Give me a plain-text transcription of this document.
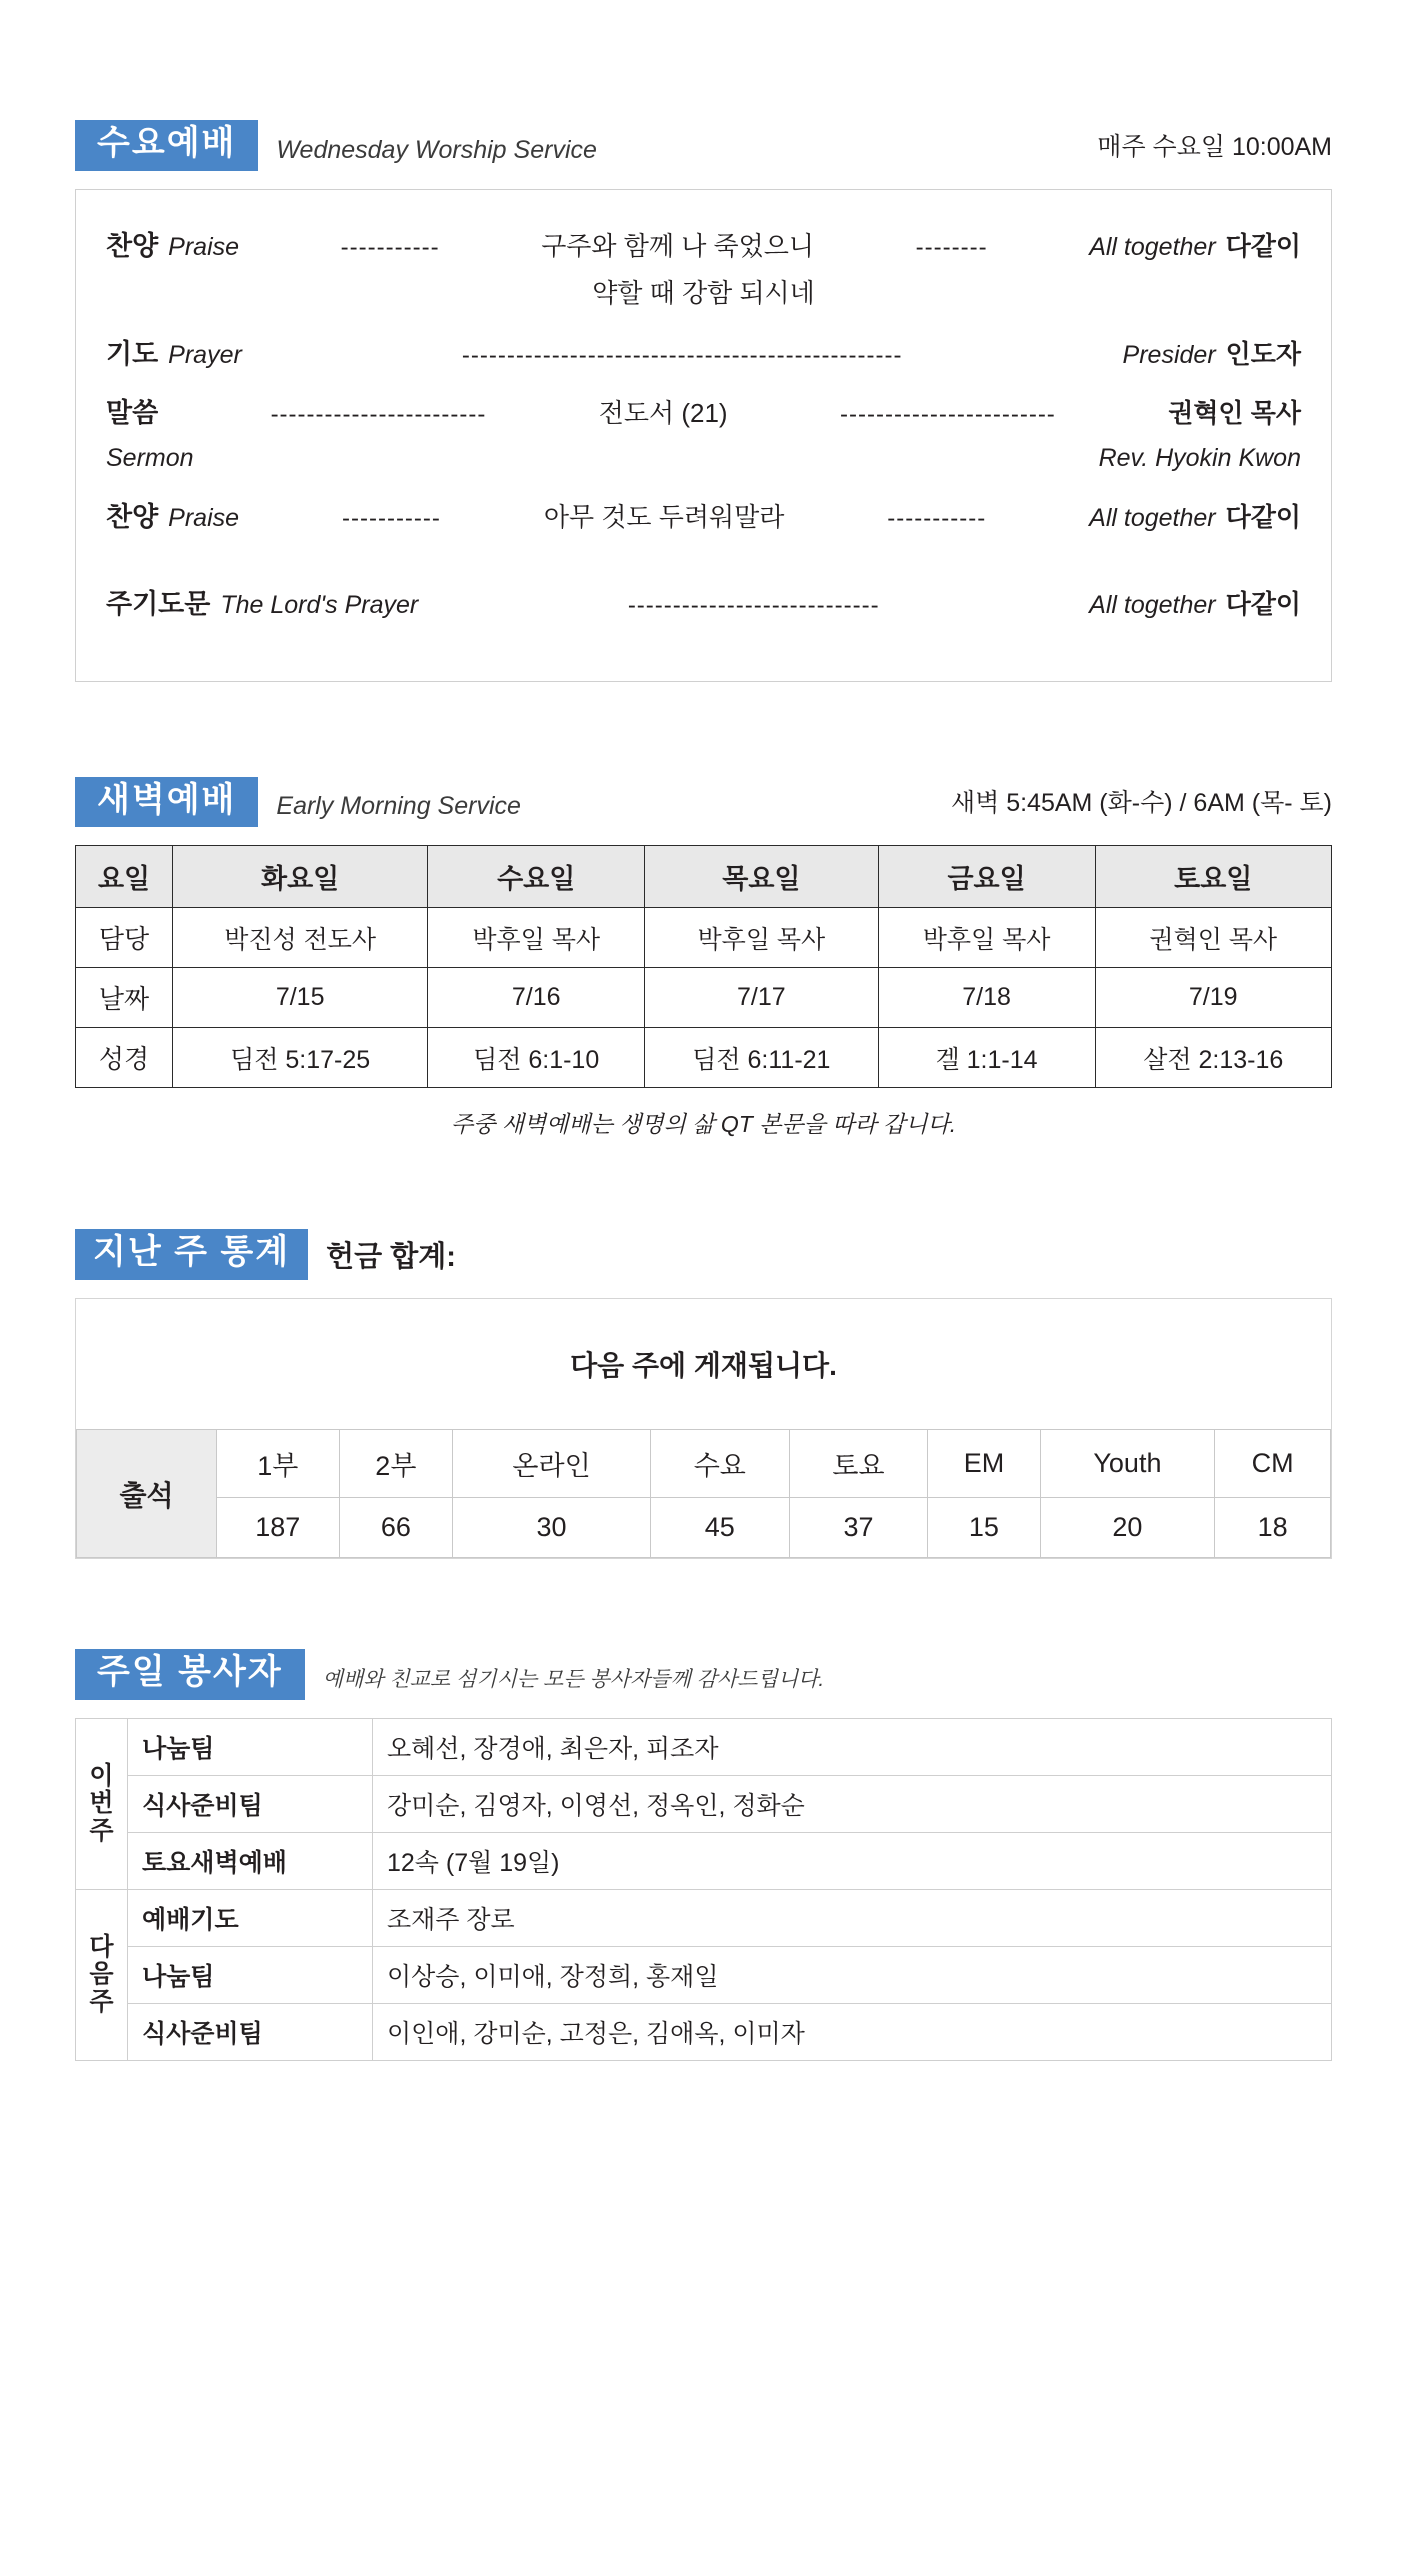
수요예배	Wednesday Worship Service	매주 수요일 10:00AM
찬양 Praise	-----------	구주와 함께 나 죽었으니	--------	All together 다같이
약할 때 강함 되시네
기도 Prayer	-------------------------------------------------	Presider 인도자
말씀	------------------------	전도서 (21)	------------------------	권혁인 목사
Sermon	Rev. Hyokin Kwon
찬양 Praise	-----------	아무 것도 두려워말라	-----------	All together 다같이
주기도문 The Lord's Prayer	----------------------------	All together 다같이
새벽예배	Early Morning Service	새벽 5:45AM (화-수) / 6AM (목- 토)
요일	화요일	수요일	목요일	금요일	토요일
담당	박진성 전도사	박후일 목사	박후일 목사	박후일 목사	권혁인 목사
날짜	7/15	7/16	7/17	7/18	7/19
성경	딤전 5:17-25	딤전 6:1-10	딤전 6:11-21	겔 1:1-14	살전 2:13-16
주중 새벽예배는 생명의 삶 QT 본문을 따라 갑니다.
지난 주 통계	헌금 합계:
다음 주에 게재됩니다.
출석	1부	2부	온라인	수요	토요	EM	Youth	CM
	187	66	30	45	37	15	20	18
주일 봉사자	예배와 친교로 섬기시는 모든 봉사자들께 감사드립니다.
이
번
주	나눔팀	오혜선, 장경애, 최은자, 피조자
	식사준비팀	강미순, 김영자, 이영선, 정옥인, 정화순
	토요새벽예배	12속 (7월 19일)
다
음
주	예배기도	조재주 장로
	나눔팀	이상승, 이미애, 장정희, 홍재일
	식사준비팀	이인애, 강미순, 고정은, 김애옥, 이미자
